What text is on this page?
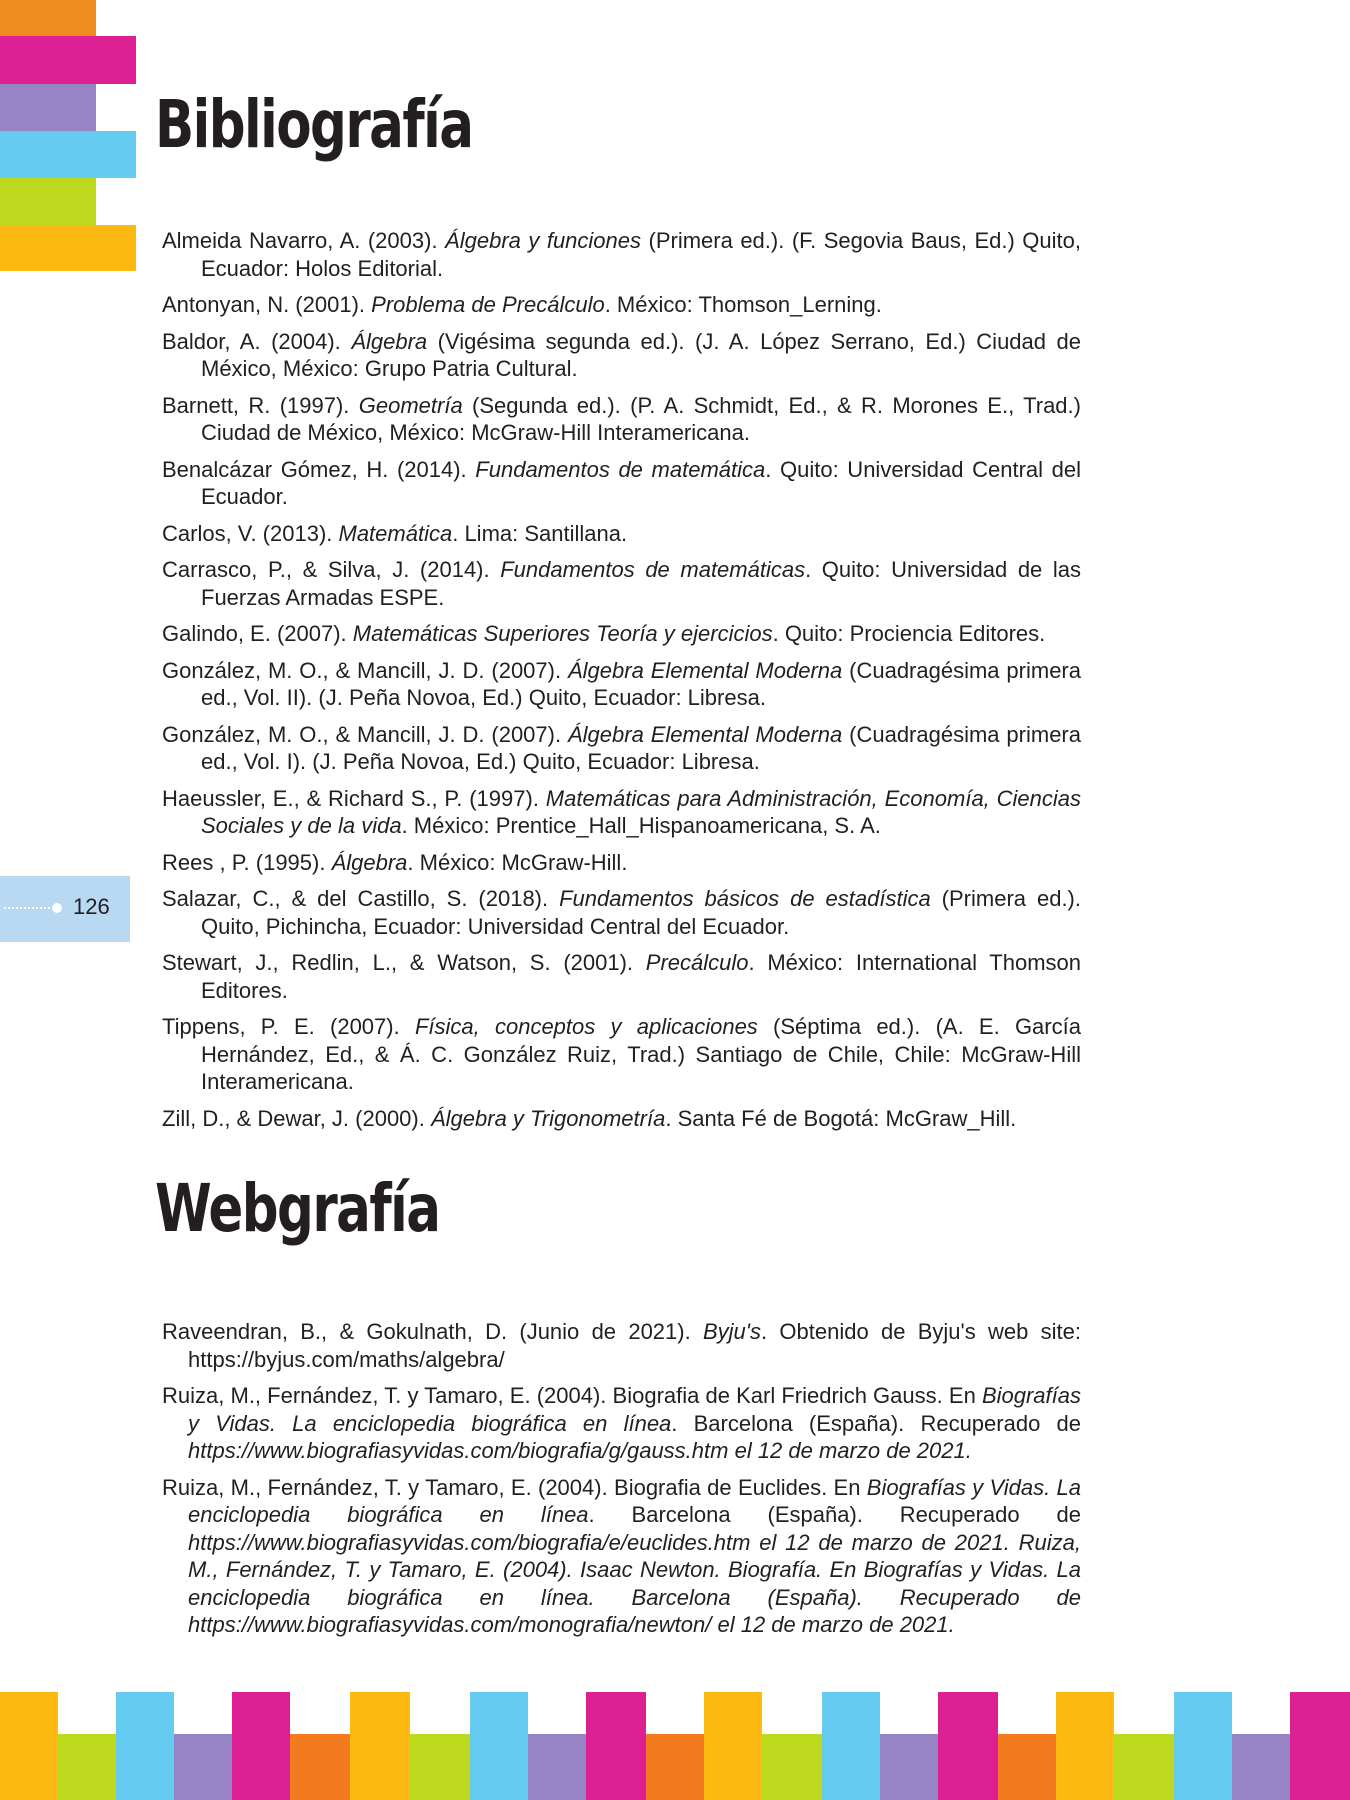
126
Bibliografía

Almeida Navarro, A. (2003). Álgebra y funciones (Primera ed.). (F. Segovia Baus, Ed.) Quito, Ecuador: Holos Editorial.

Antonyan, N. (2001). Problema de Precálculo. México: Thomson_Lerning.

Baldor, A. (2004). Álgebra (Vigésima segunda ed.). (J. A. López Serrano, Ed.) Ciudad de México, México: Grupo Patria Cultural.

Barnett, R. (1997). Geometría (Segunda ed.). (P. A. Schmidt, Ed., & R. Morones E., Trad.) Ciudad de México, México: McGraw-Hill Interamericana.

Benalcázar Gómez, H. (2014). Fundamentos de matemática. Quito: Universidad Central del Ecuador.

Carlos, V. (2013). Matemática. Lima: Santillana.

Carrasco, P., & Silva, J. (2014). Fundamentos de matemáticas. Quito: Universidad de las Fuerzas Armadas ESPE.

Galindo, E. (2007). Matemáticas Superiores Teoría y ejercicios. Quito: Prociencia Editores.

González, M. O., & Mancill, J. D. (2007). Álgebra Elemental Moderna (Cuadragésima primera ed., Vol. II). (J. Peña Novoa, Ed.) Quito, Ecuador: Libresa.

González, M. O., & Mancill, J. D. (2007). Álgebra Elemental Moderna (Cuadragésima primera ed., Vol. I). (J. Peña Novoa, Ed.) Quito, Ecuador: Libresa.

Haeussler, E., & Richard S., P. (1997). Matemáticas para Administración, Economía, Ciencias Sociales y de la vida. México: Prentice_Hall_Hispanoamericana, S. A.

Rees , P. (1995). Álgebra. México: McGraw-Hill.

Salazar, C., & del Castillo, S. (2018). Fundamentos básicos de estadística (Primera ed.). Quito, Pichincha, Ecuador: Universidad Central del Ecuador.

Stewart, J., Redlin, L., & Watson, S. (2001). Precálculo. México: International Thomson Editores.

Tippens, P. E. (2007). Física, conceptos y aplicaciones (Séptima ed.). (A. E. García Hernández, Ed., & Á. C. González Ruiz, Trad.) Santiago de Chile, Chile: McGraw-Hill Interamericana.

Zill, D., & Dewar, J. (2000). Álgebra y Trigonometría. Santa Fé de Bogotá: McGraw_Hill.

Webgrafía

Raveendran, B., & Gokulnath, D. (Junio de 2021). Byju's. Obtenido de Byju's web site: https://byjus.com/maths/algebra/

Ruiza, M., Fernández, T. y Tamaro, E. (2004). Biografia de Karl Friedrich Gauss. En Biografías y Vidas. La enciclopedia biográfica en línea. Barcelona (España). Recuperado de https://www.biografiasyvidas.com/biografia/g/gauss.htm el 12 de marzo de 2021.

Ruiza, M., Fernández, T. y Tamaro, E. (2004). Biografia de Euclides. En Biografías y Vidas. La enciclopedia biográfica en línea. Barcelona (España). Recuperado de https://www.biografiasyvidas.com/biografia/e/euclides.htm el 12 de marzo de 2021. Ruiza, M., Fernández, T. y Tamaro, E. (2004). Isaac Newton. Biografía. En Biografías y Vidas. La enciclopedia biográfica en línea. Barcelona (España). Recuperado de https://www.biografiasyvidas.com/monografia/newton/ el 12 de marzo de 2021.
